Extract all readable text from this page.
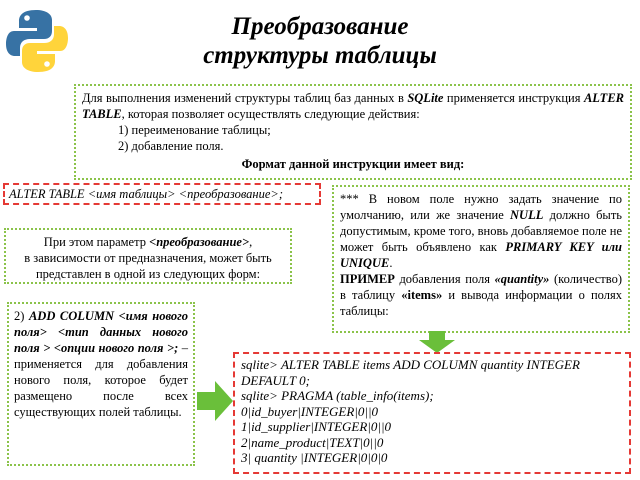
Преобразование
структуры таблицы

Для выполнения изменений структуры таблиц баз данных в SQLite применяется инструкция ALTER TABLE, которая позволяет осуществлять следующие действия:

1) переименование таблицы;

2) добавление поля.

Формат данной инструкции имеет вид:

ALTER TABLE <имя таблицы> <преобразование>;
При этом параметр <преобразование>,
в зависимости от предназначения, может быть
представлен в одной из следующих форм:

*** В новом поле нужно задать значение по умолчанию, или же значение NULL должно быть допустимым, кроме того, вновь добавляемое поле не может быть объявлено как PRIMARY KEY или UNIQUE.

ПРИМЕР добавления поля «quantity» (количество) в таблицу «items» и вывода информации о полях таблицы:

2) ADD COLUMN <имя нового поля> <тип данных нового поля > <опции нового поля >; – применяется для добавления нового поля, которое будет размещено после всех существующих полей таблицы.

sqlite> ALTER TABLE items ADD COLUMN quantity INTEGER
DEFAULT 0;
sqlite> PRAGMA (table_info(items);
0|id_buyer|INTEGER|0||0
1|id_supplier|INTEGER|0||0
2|name_product|TEXT|0||0
3| quantity |INTEGER|0|0|0
